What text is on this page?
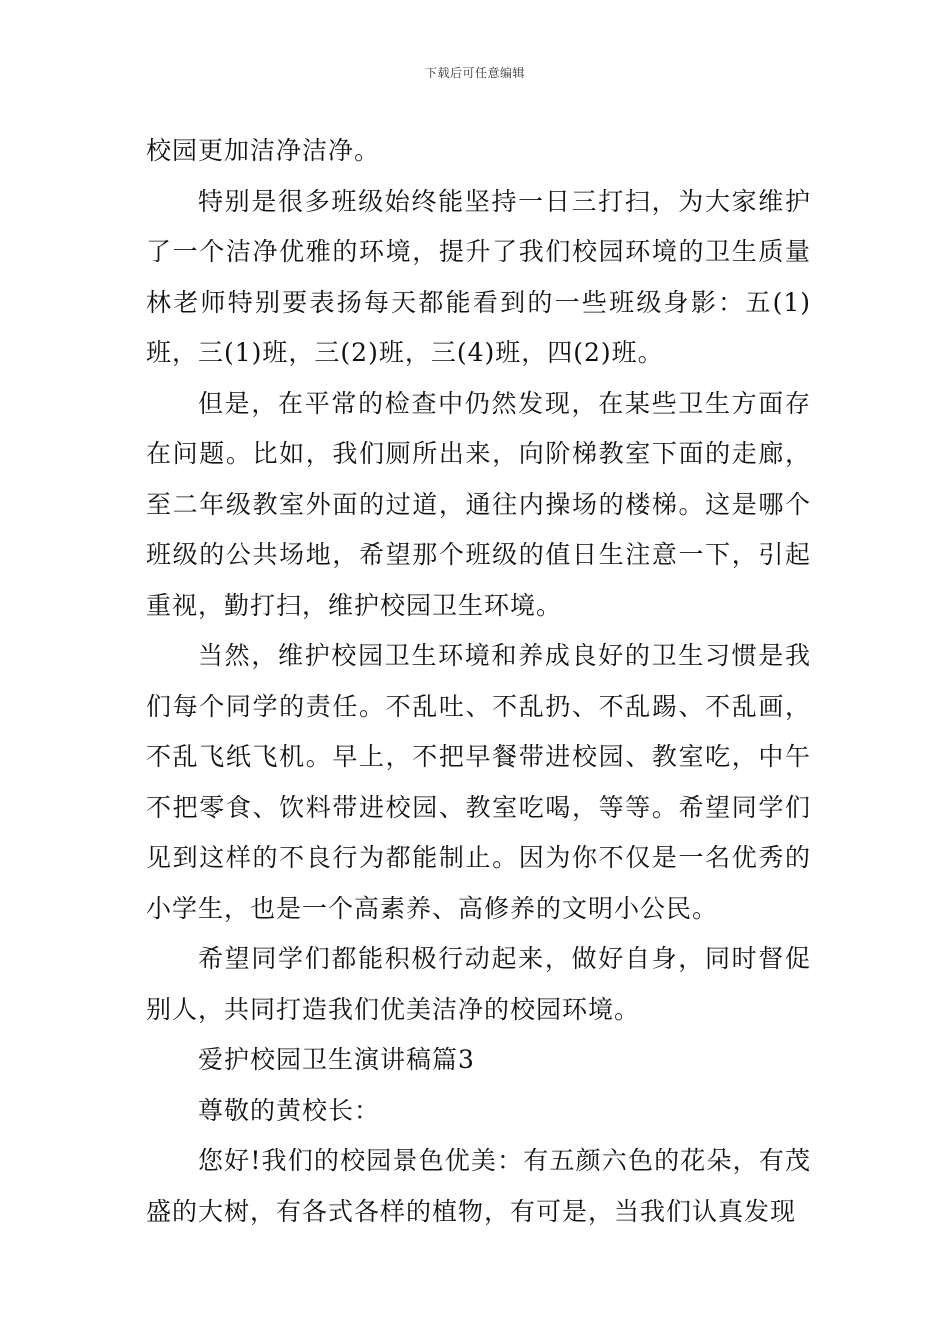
下载后可任意编辑

校园更加洁净洁净。

特别是很多班级始终能坚持一日三打扫，为大家维护了一个洁净优雅的环境，提升了我们校园环境的卫生质量林老师特别要表扬每天都能看到的一些班级身影：五(1)班，三(1)班，三(2)班，三(4)班，四(2)班。

但是，在平常的检查中仍然发现，在某些卫生方面存在问题。比如，我们厕所出来，向阶梯教室下面的走廊，至二年级教室外面的过道，通往内操场的楼梯。这是哪个班级的公共场地，希望那个班级的值日生注意一下，引起重视，勤打扫，维护校园卫生环境。

当然，维护校园卫生环境和养成良好的卫生习惯是我们每个同学的责任。不乱吐、不乱扔、不乱踢、不乱画，不乱飞纸飞机。早上，不把早餐带进校园、教室吃，中午不把零食、饮料带进校园、教室吃喝，等等。希望同学们见到这样的不良行为都能制止。因为你不仅是一名优秀的小学生，也是一个高素养、高修养的文明小公民。

希望同学们都能积极行动起来，做好自身，同时督促别人，共同打造我们优美洁净的校园环境。

爱护校园卫生演讲稿篇3

尊敬的黄校长：

您好!我们的校园景色优美：有五颜六色的花朵，有茂盛的大树，有各式各样的植物，有可是，当我们认真发现
